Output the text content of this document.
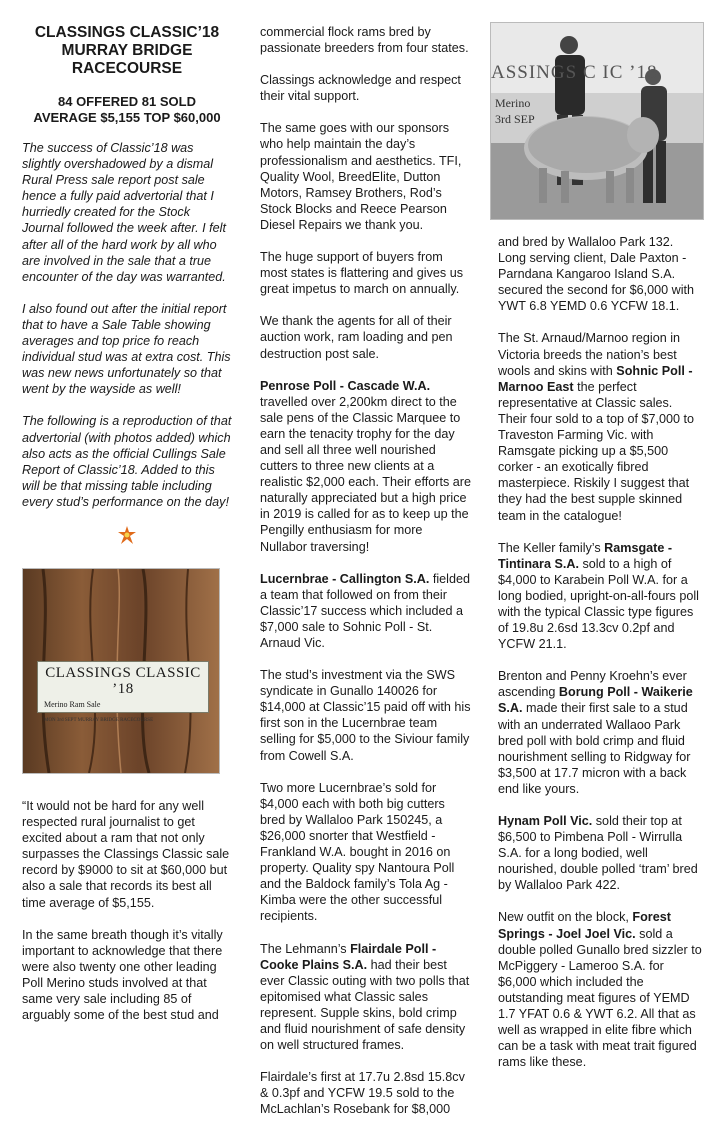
CLASSINGS CLASSIC’18
MURRAY BRIDGE
RACECOURSE
84 OFFERED 81 SOLD
AVERAGE $5,155 TOP $60,000

The success of Classic’18 was slightly overshadowed by a dismal Rural Press sale report post sale hence a fully paid advertorial that I hurriedly created for the Stock Journal followed the week after. I felt after all of the hard work by all who are involved in the sale that a true encounter of the day was warranted.

I also found out after the initial report that to have a Sale Table showing averages and top price fo reach individual stud was at extra cost. This was new news unfortunately so that went by the wayside as well!

The following is a reproduction of that advertorial (with photos added) which also acts as the official Cullings Sale Report of Classic’18. Added to this will be that missing table including every stud’s performance on the day!

CLASSINGS CLASSIC ’18
Merino Ram Sale
MON 3rd SEPT MURRAY BRIDGE RACECOURSE

“It would not be hard for any well respected rural journalist to get excited about a ram that not only surpasses the Classings Classic sale record by $9000 to sit at $60,000 but also a sale that records its best all time average of $5,155.

In the same breath though it’s vitally important to acknowledge that there were also twenty one other leading Poll Merino studs involved at that same very sale including 85 of arguably some of the best stud and

commercial flock rams bred by passionate breeders from four states.

Classings acknowledge and respect their vital support.

The same goes with our sponsors who help maintain the day’s professionalism and aesthetics. TFI, Quality Wool, BreedElite, Dutton Motors, Ramsey Brothers, Rod’s Stock Blocks and Reece Pearson Diesel Repairs we thank you.

The huge support of buyers from most states is flattering and gives us great impetus to march on annually.

We thank the agents for all of their auction work, ram loading and pen destruction post sale.

Penrose Poll - Cascade W.A. travelled over 2,200km direct to the sale pens of the Classic Marquee to earn the tenacity trophy for the day and sell all three well nourished cutters to three new clients at a realistic $2,000 each. Their efforts are naturally appreciated but a high price in 2019 is called for as to keep up the Pengilly enthusiasm for more Nullabor traversing!

Lucernbrae - Callington S.A. fielded a team that followed on from their Classic’17 success which included a $7,000 sale to Sohnic Poll - St. Arnaud Vic.

The stud’s investment via the SWS syndicate in Gunallo 140026 for $14,000 at Classic’15 paid off with his first son in the Lucernbrae team selling for $5,000 to the Siviour family from Cowell S.A.

Two more Lucernbrae’s sold for $4,000 each with both big cutters bred by Wallaloo Park 150245, a $26,000 snorter that Westfield - Frankland W.A. bought in 2016 on property. Quality spy Nantoura Poll and the Baldock family’s Tola Ag - Kimba were the other successful recipients.

The Lehmann’s Flairdale Poll - Cooke Plains S.A. had their best ever Classic outing with two polls that epitomised what Classic sales represent. Supple skins, bold crimp and fluid nourishment of safe density on well structured frames.

Flairdale’s first at 17.7u 2.8sd 15.8cv & 0.3pf and YCFW 19.5 sold to the McLachlan’s Rosebank for $8,000

ASSINGS C IC ’18
Merino
3rd SEP

and bred by Wallaloo Park 132. Long serving client, Dale Paxton - Parndana Kangaroo Island S.A. secured the second for $6,000 with YWT 6.8 YEMD 0.6 YCFW 18.1.

The St. Arnaud/Marnoo region in Victoria breeds the nation’s best wools and skins with Sohnic Poll - Marnoo East the perfect representative at Classic sales. Their four sold to a top of $7,000 to Traveston Farming Vic. with Ramsgate picking up a $5,500 corker - an exotically fibred masterpiece. Riskily I suggest that they had the best supple skinned team in the catalogue!

The Keller family’s Ramsgate - Tintinara S.A. sold to a high of $4,000 to Karabein Poll W.A. for a long bodied, upright-on-all-fours poll with the typical Classic type figures of 19.8u 2.6sd 13.3cv 0.2pf and YCFW 21.1.

Brenton and Penny Kroehn’s ever ascending Borung Poll - Waikerie S.A. made their first sale to a stud with an underrated Wallaoo Park bred poll with bold crimp and fluid nourishment selling to Ridgway for $3,500 at 17.7 micron with a back end like yours.

Hynam Poll Vic. sold their top at $6,500 to Pimbena Poll - Wirrulla S.A. for a long bodied, well nourished, double polled ‘tram’ bred by Wallaloo Park 422.

New outfit on the block, Forest Springs - Joel Joel Vic. sold a double polled Gunallo bred sizzler to McPiggery - Lameroo S.A. for $6,000 which included the outstanding meat figures of YEMD 1.7 YFAT 0.6 & YWT 6.2. All that as well as wrapped in elite fibre which can be a task with meat trait figured rams like these.
